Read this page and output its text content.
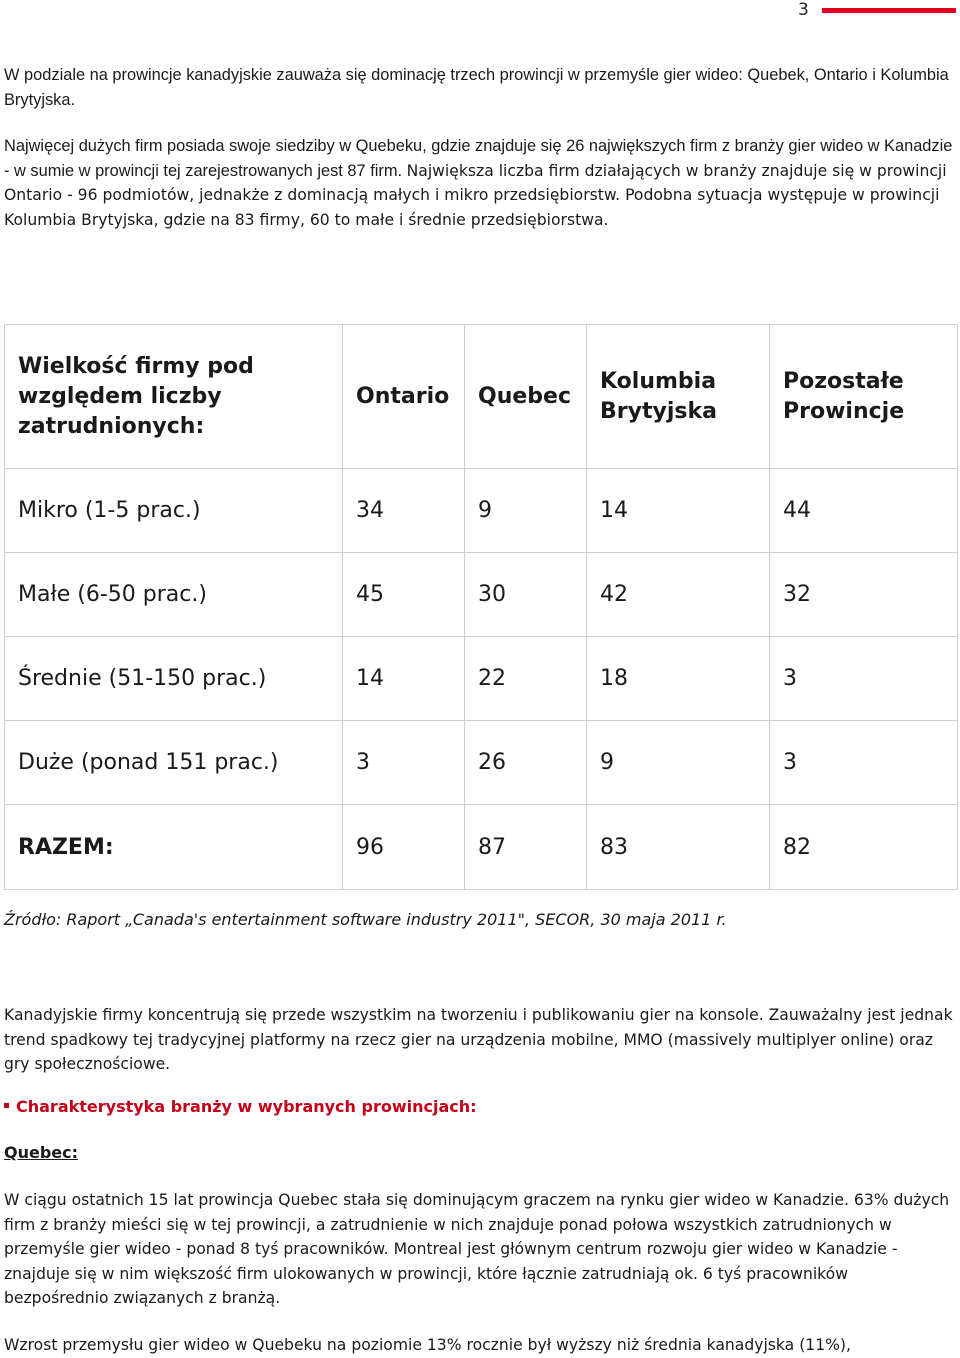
3

W podziale na prowincje kanadyjskie zauważa się dominację trzech prowincji w przemyśle gier wideo: Quebek, Ontario i Kolumbia Brytyjska.

Najwięcej dużych firm posiada swoje siedziby w Quebeku, gdzie znajduje się 26 największych firm z branży gier wideo w Kanadzie - w sumie w prowincji tej zarejestrowanych jest 87 firm. Największa liczba firm działających w branży znajduje się w prowincji Ontario - 96 podmiotów, jednakże z dominacją małych i mikro przedsiębiorstw. Podobna sytuacja występuje w prowincji Kolumbia Brytyjska, gdzie na 83 firmy, 60 to małe i średnie przedsiębiorstwa.

Wielkość firmy pod względem liczby zatrudnionych:	Ontario	Quebec	Kolumbia Brytyjska	Pozostałe Prowincje
Mikro (1-5 prac.)	34	9	14	44
Małe (6-50 prac.)	45	30	42	32
Średnie (51-150 prac.)	14	22	18	3
Duże (ponad 151 prac.)	3	26	9	3
RAZEM:	96	87	83	82
Źródło: Raport „Canada's entertainment software industry 2011", SECOR, 30 maja 2011 r.

Kanadyjskie firmy koncentrują się przede wszystkim na tworzeniu i publikowaniu gier na konsole. Zauważalny jest jednak trend spadkowy tej tradycyjnej platformy na rzecz gier na urządzenia mobilne, MMO (massively multiplyer online) oraz gry społecznościowe.

Charakterystyka branży w wybranych prowincjach:
Quebec:

W ciągu ostatnich 15 lat prowincja Quebec stała się dominującym graczem na rynku gier wideo w Kanadzie. 63% dużych firm z branży mieści się w tej prowincji, a zatrudnienie w nich znajduje ponad połowa wszystkich zatrudnionych w przemyśle gier wideo - ponad 8 tyś pracowników. Montreal jest głównym centrum rozwoju gier wideo w Kanadzie - znajduje się w nim większość firm ulokowanych w prowincji, które łącznie zatrudniają ok. 6 tyś pracowników bezpośrednio związanych z branżą.

Wzrost przemysłu gier wideo w Quebeku na poziomie 13% rocznie był wyższy niż średnia kanadyjska (11%),
